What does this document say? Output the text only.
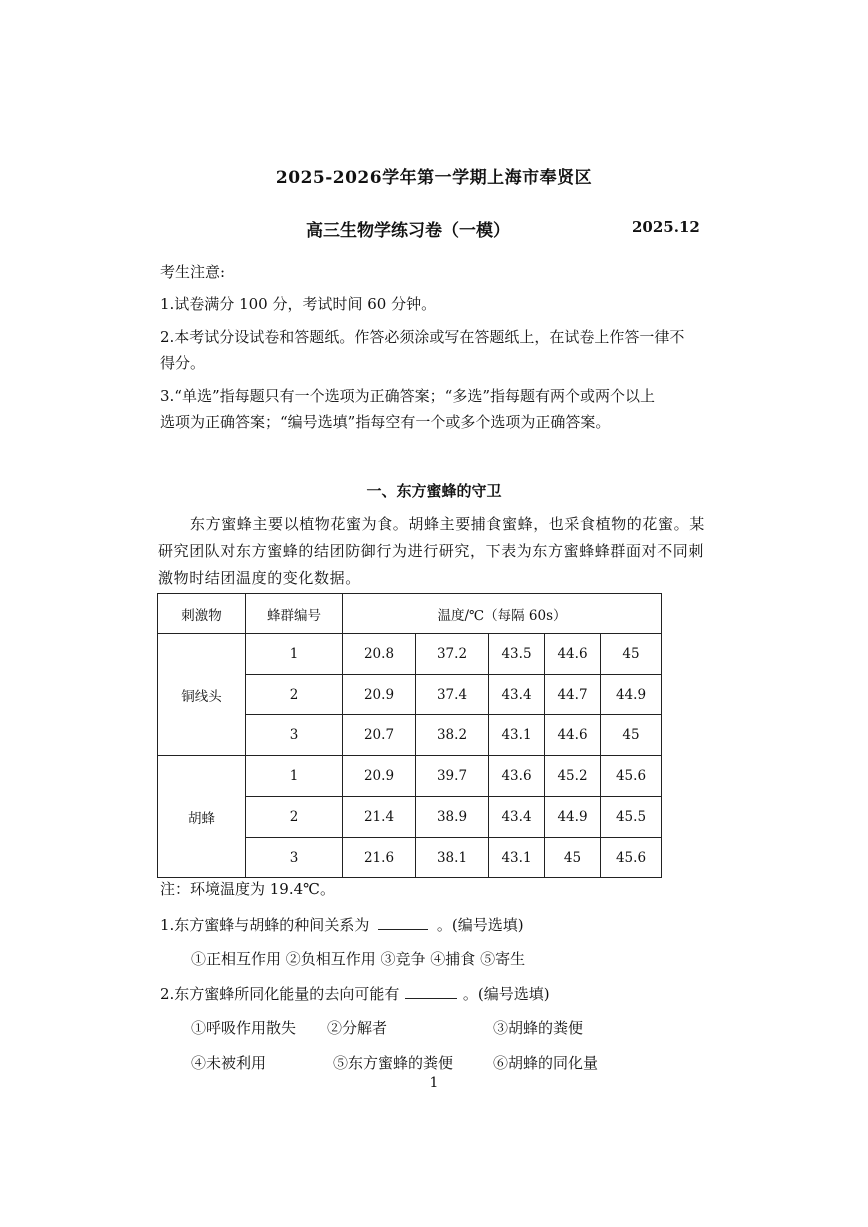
2025-2026学年第一学期上海市奉贤区
高三生物学练习卷（一模）	2025.12
考生注意:
1.试卷满分 100 分，考试时间 60 分钟。
2.本考试分设试卷和答题纸。作答必须涂或写在答题纸上，在试卷上作答一律不
得分。
3.“单选”指每题只有一个选项为正确答案；“多选”指每题有两个或两个以上
选项为正确答案；“编号选填”指每空有一个或多个选项为正确答案。
一、东方蜜蜂的守卫
东方蜜蜂主要以植物花蜜为食。胡蜂主要捕食蜜蜂，也采食植物的花蜜。某研究团队对东方蜜蜂的结团防御行为进行研究，下表为东方蜜蜂蜂群面对不同刺激物时结团温度的变化数据。
刺激物	蜂群编号	温度/℃（每隔 60s）				
铜线头	1	20.8	37.2	43.5	44.6	45
	2	20.9	37.4	43.4	44.7	44.9
	3	20.7	38.2	43.1	44.6	45
胡蜂	1	20.9	39.7	43.6	45.2	45.6
	2	21.4	38.9	43.4	44.9	45.5
	3	21.6	38.1	43.1	45	45.6
注：环境温度为 19.4℃。
1.东方蜜蜂与胡蜂的种间关系为	。(编号选填)
①正相互作用 ②负相互作用 ③竞争 ④捕食 ⑤寄生
2.东方蜜蜂所同化能量的去向可能有	。(编号选填)
①呼吸作用散失 ②分解者	③胡蜂的粪便
④未被利用	⑤东方蜜蜂的粪便	⑥胡蜂的同化量
1
